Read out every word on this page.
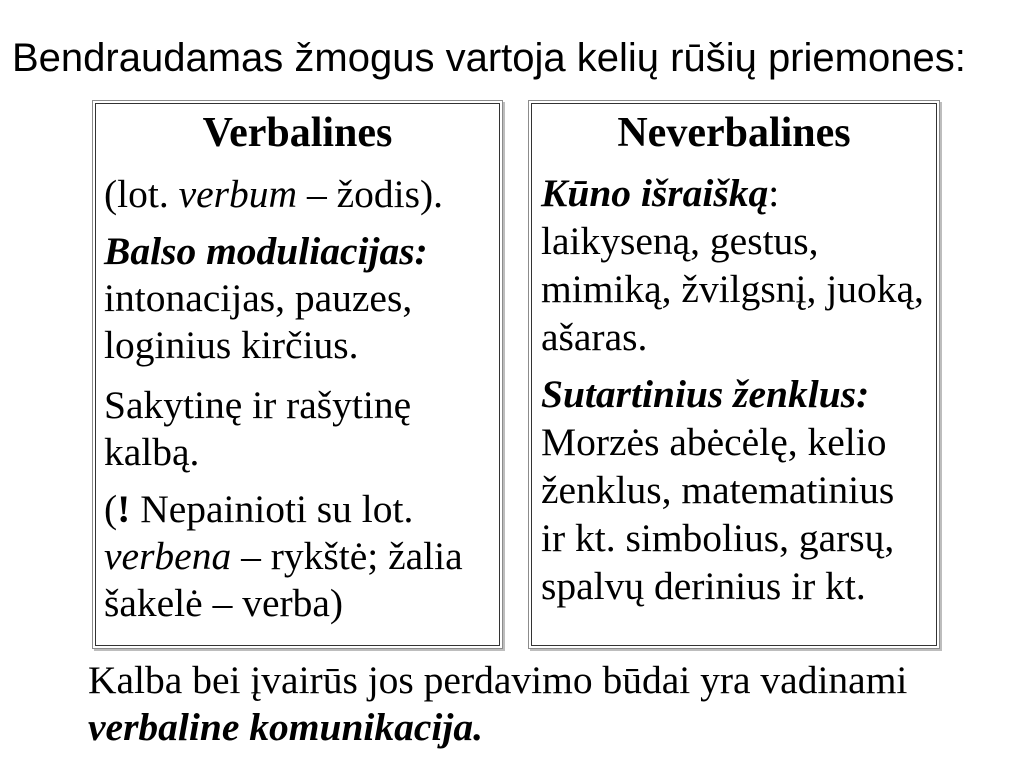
Bendraudamas žmogus vartoja kelių rūšių priemones:
Verbalines
(lot. verbum – žodis).
Balso moduliacijas:
intonacijas, pauzes,
loginius kirčius.
Sakytinę ir rašytinę
kalbą.
(! Nepainioti su lot.
verbena – rykštė; žalia
šakelė – verba)
Neverbalines
Kūno išraišką:
laikyseną, gestus,
mimiką, žvilgsnį, juoką,
ašaras.
Sutartinius ženklus:
Morzės abėcėlę, kelio
ženklus, matematinius
ir kt. simbolius, garsų,
spalvų derinius ir kt.
Kalba bei įvairūs jos perdavimo būdai yra vadinami
verbaline komunikacija.
